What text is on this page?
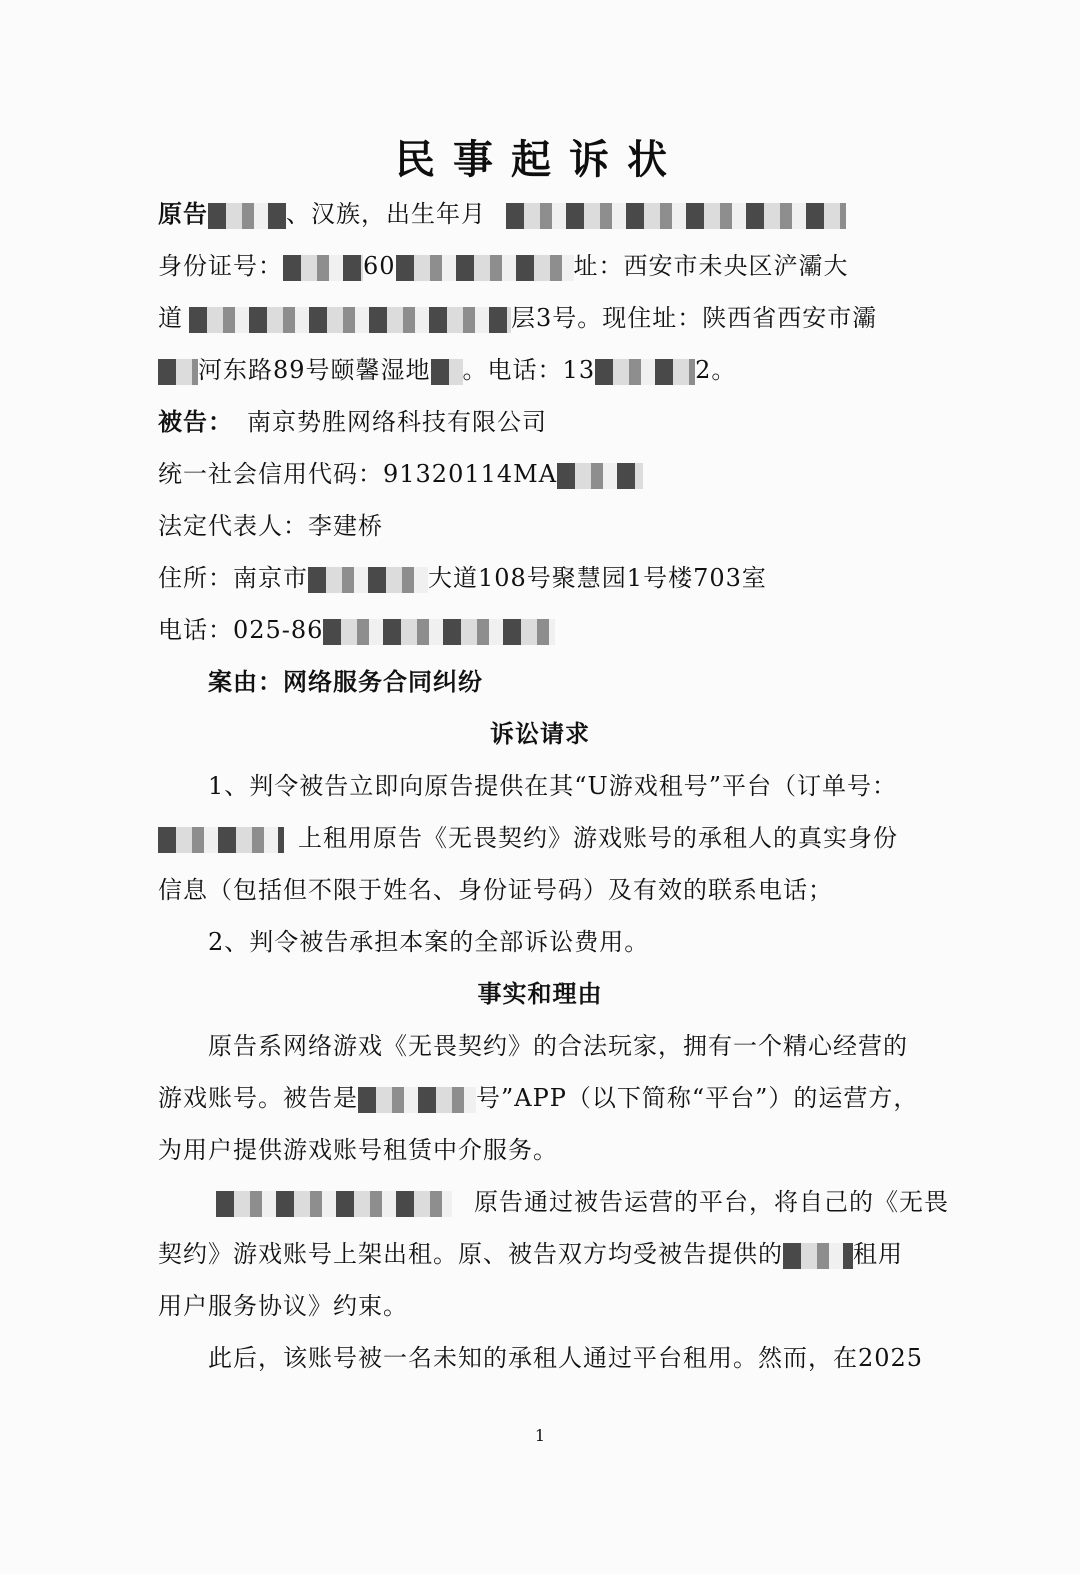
民事起诉状
原告	、汉族，出生年月
身份证号：	60	址：西安市未央区浐灞大
道	层3号。现住址：陕西省西安市灞
河东路89号颐馨湿地 。电话：13	2。
被告： 南京势胜网络科技有限公司
统一社会信用代码：91320114MA
法定代表人：李建桥
住所：南京市	大道108号聚慧园1号楼703室
电话：025-86
案由：网络服务合同纠纷
诉讼请求
1、判令被告立即向原告提供在其“U游戏租号”平台（订单号：
上租用原告《无畏契约》游戏账号的承租人的真实身份
信息（包括但不限于姓名、身份证号码）及有效的联系电话；
2、判令被告承担本案的全部诉讼费用。
事实和理由
原告系网络游戏《无畏契约》的合法玩家，拥有一个精心经营的
游戏账号。被告是	号”APP（以下简称“平台”）的运营方，
为用户提供游戏账号租赁中介服务。
原告通过被告运营的平台，将自己的《无畏
契约》游戏账号上架出租。原、被告双方均受被告提供的	租用
用户服务协议》约束。
此后，该账号被一名未知的承租人通过平台租用。然而，在2025
1
